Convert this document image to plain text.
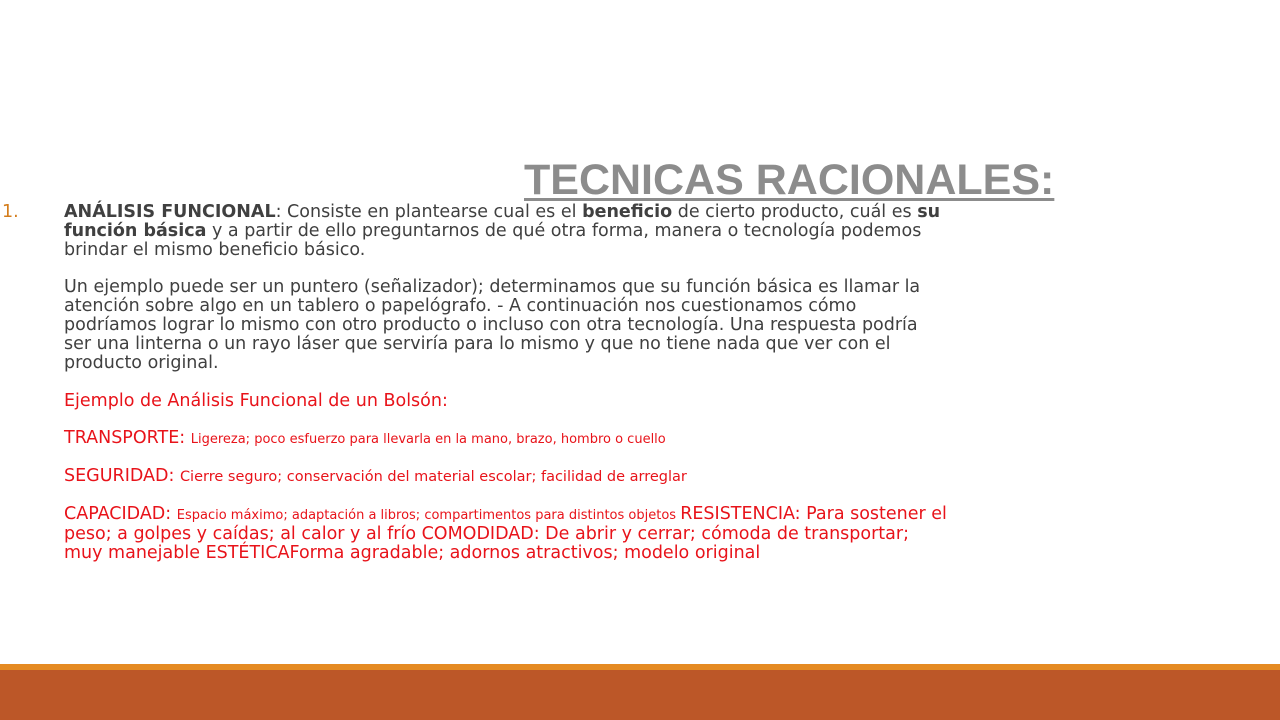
TECNICAS RACIONALES:
1.	ANÁLISIS FUNCIONAL: Consiste en plantearse cual es el beneficio de cierto producto, cuál es su función básica y a partir de ello preguntarnos de qué otra forma, manera o tecnología podemos brindar el mismo beneficio básico.

Un ejemplo puede ser un puntero (señalizador); determinamos que su función básica es llamar la atención sobre algo en un tablero o papelógrafo. - A continuación nos cuestionamos cómo podríamos lograr lo mismo con otro producto o incluso con otra tecnología. Una respuesta podría ser una linterna o un rayo láser que serviría para lo mismo y que no tiene nada que ver con el producto original.

Ejemplo de Análisis Funcional de un Bolsón:

TRANSPORTE: Ligereza; poco esfuerzo para llevarla en la mano, brazo, hombro o cuello

SEGURIDAD: Cierre seguro; conservación del material escolar; facilidad de arreglar

CAPACIDAD: Espacio máximo; adaptación a libros; compartimentos para distintos objetos RESISTENCIA: Para sostener el peso; a golpes y caídas; al calor y al frío COMODIDAD: De abrir y cerrar; cómoda de transportar; muy manejable ESTÉTICAForma agradable; adornos atractivos; modelo original
